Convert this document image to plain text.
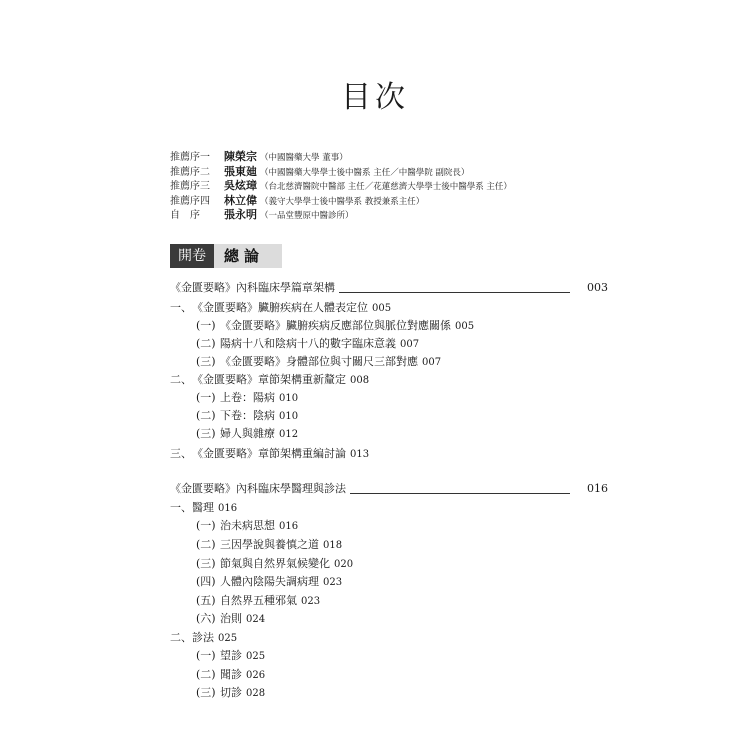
目次
推薦序一 陳榮宗 （中國醫藥大學 董事）
推薦序二 張東廸 （中國醫藥大學學士後中醫系 主任／中醫學院 副院長）
推薦序三 吳炫璋 （台北慈濟醫院中醫部 主任／花蓮慈濟大學學士後中醫學系 主任）
推薦序四 林立偉 （義守大學學士後中醫學系 教授兼系主任）
自　序 張永明 （一品堂豐原中醫診所）
開卷	總論
《金匱要略》內科臨床學篇章架構	003
一、《金匱要略》臟腑疾病在人體表定位 005
(一) 《金匱要略》臟腑疾病反應部位與脈位對應關係 005
(二) 陽病十八和陰病十八的數字臨床意義 007
(三) 《金匱要略》身體部位與寸關尺三部對應 007
二、《金匱要略》章節架構重新釐定 008
(一) 上卷：陽病 010
(二) 下卷：陰病 010
(三) 婦人與雜療 012
三、《金匱要略》章節架構重編討論 013
《金匱要略》內科臨床學醫理與診法	016
一、醫理 016
(一) 治未病思想 016
(二) 三因學說與養慎之道 018
(三) 節氣與自然界氣候變化 020
(四) 人體內陰陽失調病理 023
(五) 自然界五種邪氣 023
(六) 治則 024
二、診法 025
(一) 望診 025
(二) 聞診 026
(三) 切診 028
